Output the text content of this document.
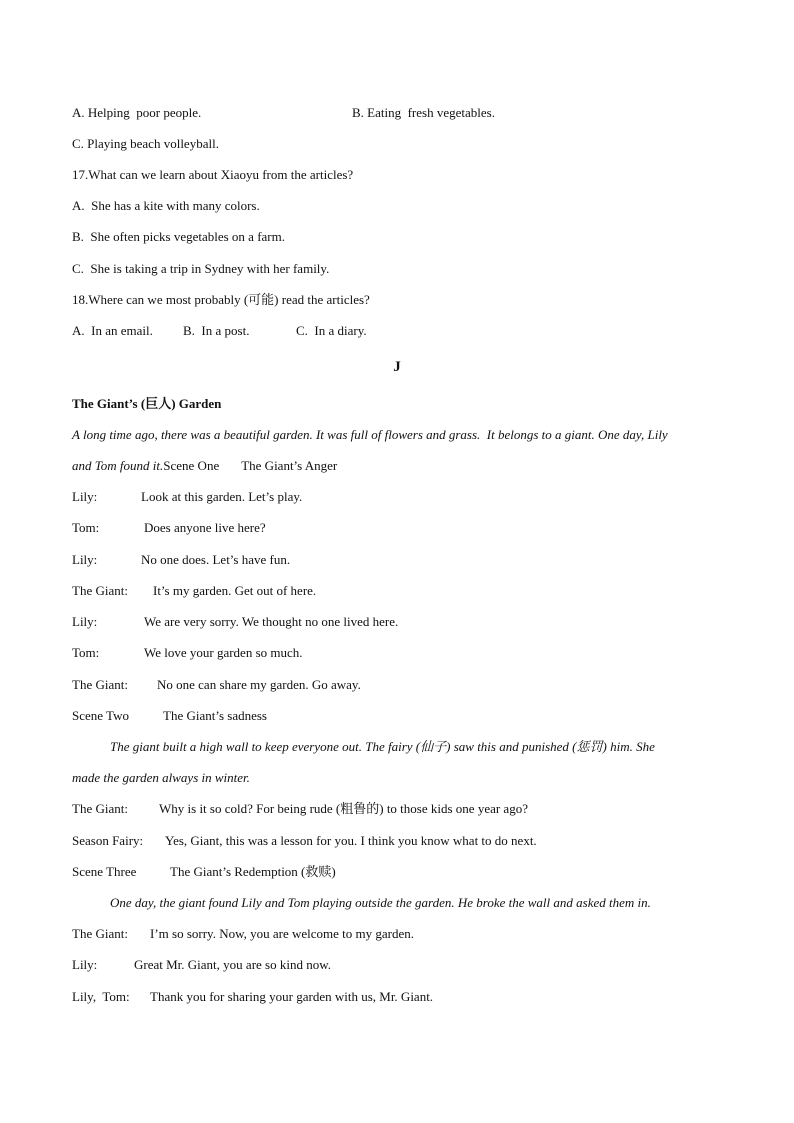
A. Helping  poor people.	B. Eating  fresh vegetables.
C. Playing beach volleyball.
17.What can we learn about Xiaoyu from the articles?
A.  She has a kite with many colors.
B.  She often picks vegetables on a farm.
C.  She is taking a trip in Sydney with her family.
18.Where can we most probably (可能) read the articles?
A.  In an email. B.  In a post.	C.  In a diary.
J
The Giant’s (巨人) Garden
A long time ago, there was a beautiful garden. It was full of flowers and grass.  It belongs to a giant. One day, Lily
and Tom found it.Scene One The Giant’s Anger
Lily:	Look at this garden. Let’s play.
Tom:	Does anyone live here?
Lily:	No one does. Let’s have fun.
The Giant: It’s my garden. Get out of here.
Lily:	We are very sorry. We thought no one lived here.
Tom:	We love your garden so much.
The Giant: No one can share my garden. Go away.
Scene Two	The Giant’s sadness
The giant built a high wall to keep everyone out. The fairy (仙子) saw this and punished (惩罚) him. She
made the garden always in winter.
The Giant: Why is it so cold? For being rude (粗鲁的) to those kids one year ago?
Season Fairy: Yes, Giant, this was a lesson for you. I think you know what to do next.
Scene Three	The Giant’s Redemption (救赎)
One day, the giant found Lily and Tom playing outside the garden. He broke the wall and asked them in.
The Giant: I’m so sorry. Now, you are welcome to my garden.
Lily:	Great Mr. Giant, you are so kind now.
Lily,  Tom: Thank you for sharing your garden with us, Mr. Giant.
